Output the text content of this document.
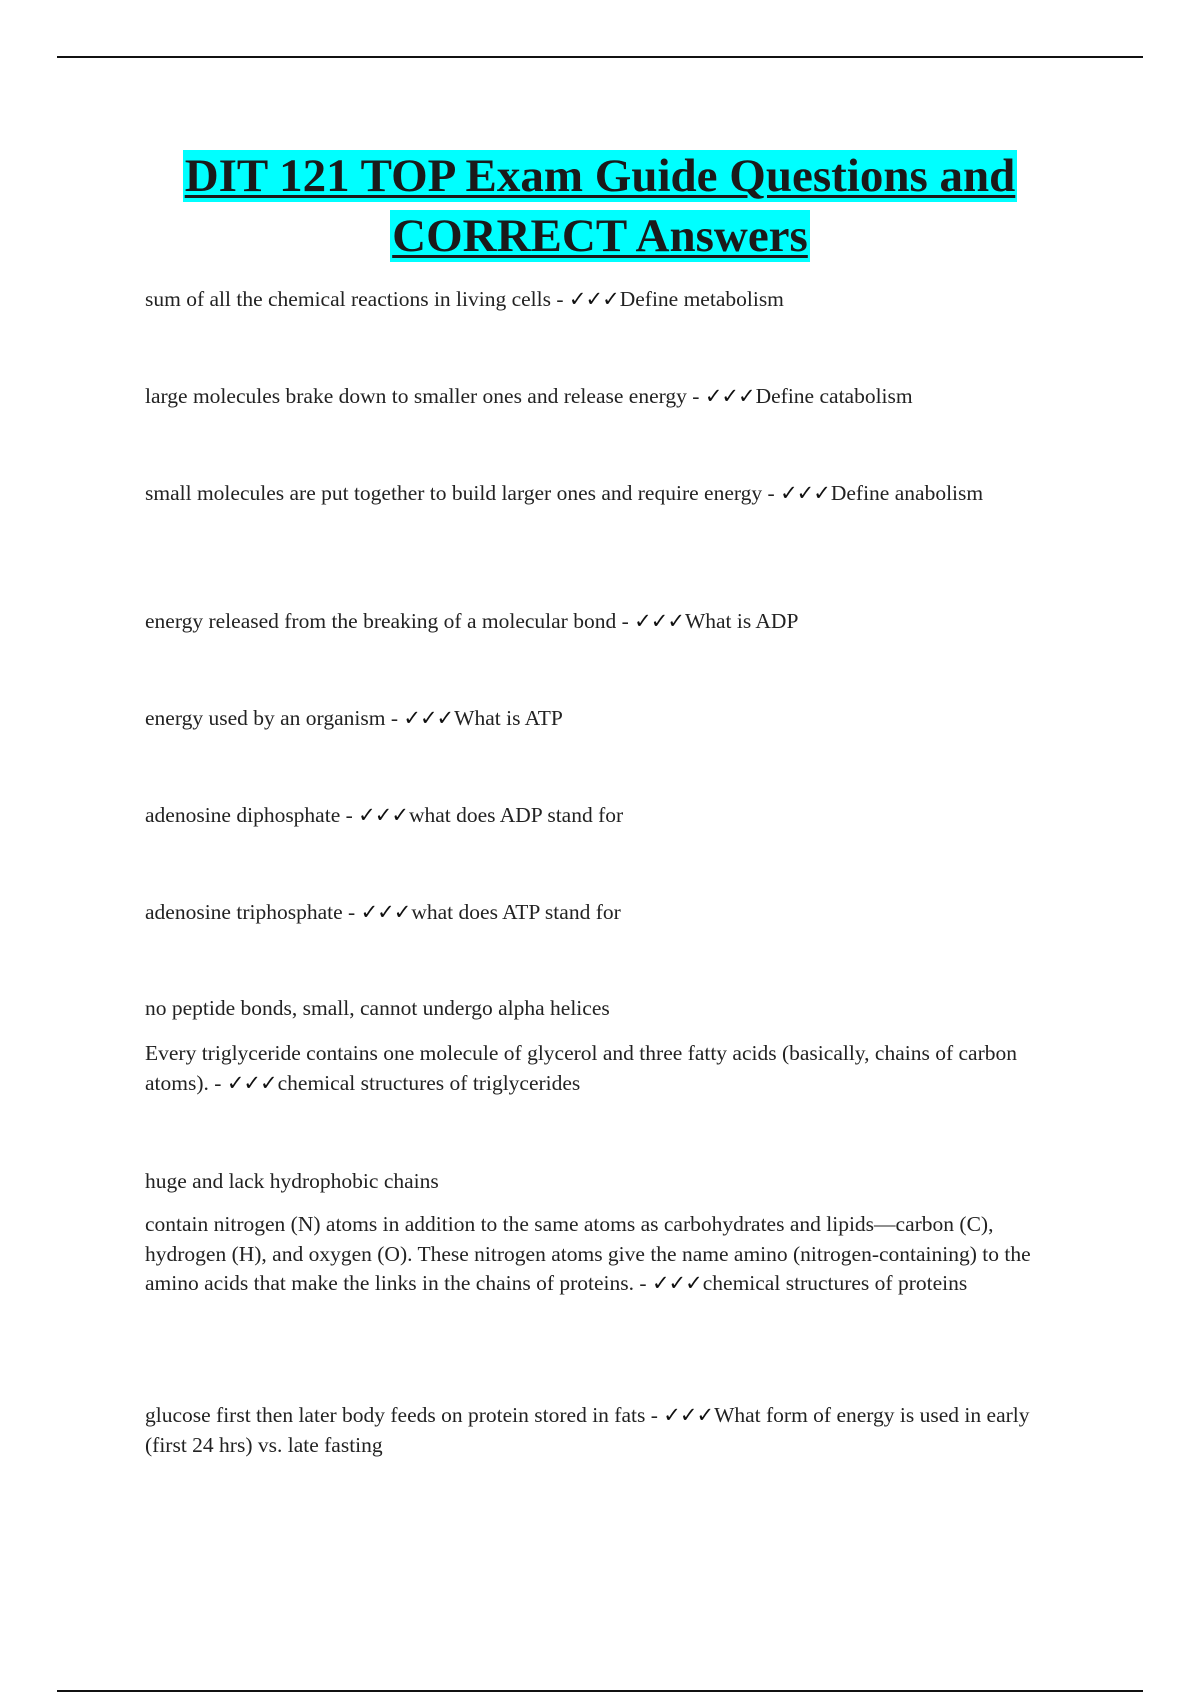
DIT 121 TOP Exam Guide Questions and
CORRECT Answers

sum of all the chemical reactions in living cells - ✓✓✓Define metabolism

large molecules brake down to smaller ones and release energy - ✓✓✓Define catabolism

small molecules are put together to build larger ones and require energy - ✓✓✓Define anabolism

energy released from the breaking of a molecular bond - ✓✓✓What is ADP

energy used by an organism - ✓✓✓What is ATP

adenosine diphosphate - ✓✓✓what does ADP stand for

adenosine triphosphate - ✓✓✓what does ATP stand for

no peptide bonds, small, cannot undergo alpha helices

Every triglyceride contains one molecule of glycerol and three fatty acids (basically, chains of carbon atoms). - ✓✓✓chemical structures of triglycerides

huge and lack hydrophobic chains

contain nitrogen (N) atoms in addition to the same atoms as carbohydrates and lipids—carbon (C), hydrogen (H), and oxygen (O). These nitrogen atoms give the name amino (nitrogen-containing) to the amino acids that make the links in the chains of proteins. - ✓✓✓chemical structures of proteins

glucose first then later body feeds on protein stored in fats - ✓✓✓What form of energy is used in early (first 24 hrs) vs. late fasting
